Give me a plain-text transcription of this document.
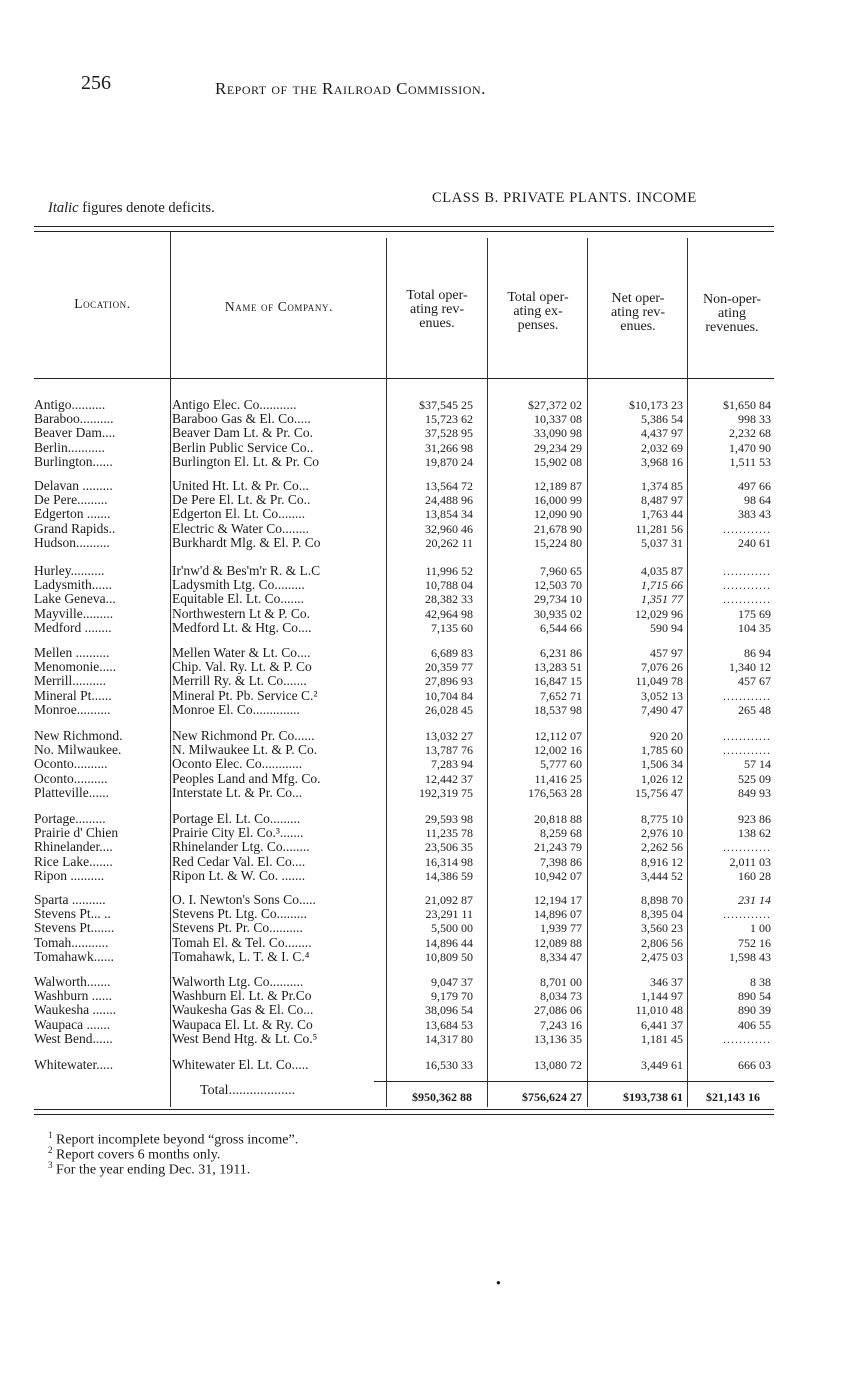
256	Report of the Railroad Commission.
CLASS B. PRIVATE PLANTS. INCOME
Italic figures denote deficits.
Location.	Name of Company.
Total oper-
ating rev-
enues.
Total oper-
ating ex-
penses.
Net oper-
ating rev-
enues.
Non-oper-
ating
revenues.
Antigo..........	Antigo Elec. Co...........	$37,545 25	$27,372 02	$10,173 23	$1,650 84
Baraboo..........	Baraboo Gas & El. Co.....	15,723 62	10,337 08	5,386 54	998 33
Beaver Dam....	Beaver Dam Lt. & Pr. Co.	37,528 95	33,090 98	4,437 97	2,232 68
Berlin...........	Berlin Public Service Co..	31,266 98	29,234 29	2,032 69	1,470 90
Burlington......	Burlington El. Lt. & Pr. Co	19,870 24	15,902 08	3,968 16	1,511 53
Delavan .........	United Ht. Lt. & Pr. Co...	13,564 72	12,189 87	1,374 85	497 66
De Pere.........	De Pere El. Lt. & Pr. Co..	24,488 96	16,000 99	8,487 97	98 64
Edgerton .......	Edgerton El. Lt. Co........	13,854 34	12,090 90	1,763 44	383 43
Grand Rapids..	Electric & Water Co........	32,960 46	21,678 90	11,281 56	............
Hudson..........	Burkhardt Mlg. & El. P. Co	20,262 11	15,224 80	5,037 31	240 61
Hurley..........	Ir'nw'd & Bes'm'r R. & L.C	11,996 52	7,960 65	4,035 87	............
Ladysmith......	Ladysmith Ltg. Co.........	10,788 04	12,503 70	1,715 66	............
Lake Geneva...	Equitable El. Lt. Co.......	28,382 33	29,734 10	1,351 77	............
Mayville.........	Northwestern Lt & P. Co.	42,964 98	30,935 02	12,029 96	175 69
Medford ........	Medford Lt. & Htg. Co....	7,135 60	6,544 66	590 94	104 35
Mellen ..........	Mellen Water & Lt. Co....	6,689 83	6,231 86	457 97	86 94
Menomonie.....	Chip. Val. Ry. Lt. & P. Co	20,359 77	13,283 51	7,076 26	1,340 12
Merrill..........	Merrill Ry. & Lt. Co.......	27,896 93	16,847 15	11,049 78	457 67
Mineral Pt......	Mineral Pt. Pb. Service C.²	10,704 84	7,652 71	3,052 13	............
Monroe..........	Monroe El. Co..............	26,028 45	18,537 98	7,490 47	265 48
New Richmond.	New Richmond Pr. Co......	13,032 27	12,112 07	920 20	............
No. Milwaukee.	N. Milwaukee Lt. & P. Co.	13,787 76	12,002 16	1,785 60	............
Oconto..........	Oconto Elec. Co............	7,283 94	5,777 60	1,506 34	57 14
Oconto..........	Peoples Land and Mfg. Co.	12,442 37	11,416 25	1,026 12	525 09
Platteville......	Interstate Lt. & Pr. Co...	192,319 75	176,563 28	15,756 47	849 93
Portage.........	Portage El. Lt. Co.........	29,593 98	20,818 88	8,775 10	923 86
Prairie d' Chien	Prairie City El. Co.³.......	11,235 78	8,259 68	2,976 10	138 62
Rhinelander....	Rhinelander Ltg. Co........	23,506 35	21,243 79	2,262 56	............
Rice Lake.......	Red Cedar Val. El. Co....	16,314 98	7,398 86	8,916 12	2,011 03
Ripon ..........	Ripon Lt. & W. Co. .......	14,386 59	10,942 07	3,444 52	160 28
Sparta ..........	O. I. Newton's Sons Co.....	21,092 87	12,194 17	8,898 70	231 14
Stevens Pt... ..	Stevens Pt. Ltg. Co.........	23,291 11	14,896 07	8,395 04	............
Stevens Pt.......	Stevens Pt. Pr. Co..........	5,500 00	1,939 77	3,560 23	1 00
Tomah...........	Tomah El. & Tel. Co........	14,896 44	12,089 88	2,806 56	752 16
Tomahawk......	Tomahawk, L. T. & I. C.⁴	10,809 50	8,334 47	2,475 03	1,598 43
Walworth.......	Walworth Ltg. Co..........	9,047 37	8,701 00	346 37	8 38
Washburn ......	Washburn El. Lt. & Pr.Co	9,179 70	8,034 73	1,144 97	890 54
Waukesha .......	Waukesha Gas & El. Co...	38,096 54	27,086 06	11,010 48	890 39
Waupaca .......	Waupaca El. Lt. & Ry. Co	13,684 53	7,243 16	6,441 37	406 55
West Bend......	West Bend Htg. & Lt. Co.⁵	14,317 80	13,136 35	1,181 45	............
Whitewater.....	Whitewater El. Lt. Co.....	16,530 33	13,080 72	3,449 61	666 03
Total...................	$950,362 88	$756,624 27	$193,738 61	$21,143 16
$^1$ Report incomplete beyond “gross income”.
$^2$ Report covers 6 months only.
$^3$ For the year ending Dec. 31, 1911.
●
